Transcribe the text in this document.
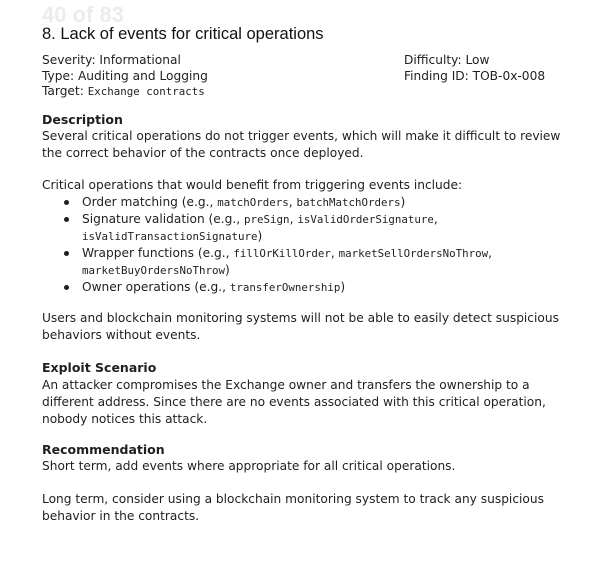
40 of 83
8. Lack of events for critical operations
Severity: Informational
Type: Auditing and Logging
Target: Exchange contracts
Difficulty: Low
Finding ID: TOB-0x-008
Description

Several critical operations do not trigger events, which will make it difficult to review the correct behavior of the contracts once deployed.

Critical operations that would benefit from triggering events include:

Order matching (e.g., matchOrders, batchMatchOrders)
Signature validation (e.g., preSign, isValidOrderSignature,
isValidTransactionSignature)
Wrapper functions (e.g., fillOrKillOrder, marketSellOrdersNoThrow,
marketBuyOrdersNoThrow)
Owner operations (e.g., transferOwnership)

Users and blockchain monitoring systems will not be able to easily detect suspicious behaviors without events.

Exploit Scenario

An attacker compromises the Exchange owner and transfers the ownership to a different address. Since there are no events associated with this critical operation, nobody notices this attack.

Recommendation

Short term, add events where appropriate for all critical operations.

Long term, consider using a blockchain monitoring system to track any suspicious behavior in the contracts.
